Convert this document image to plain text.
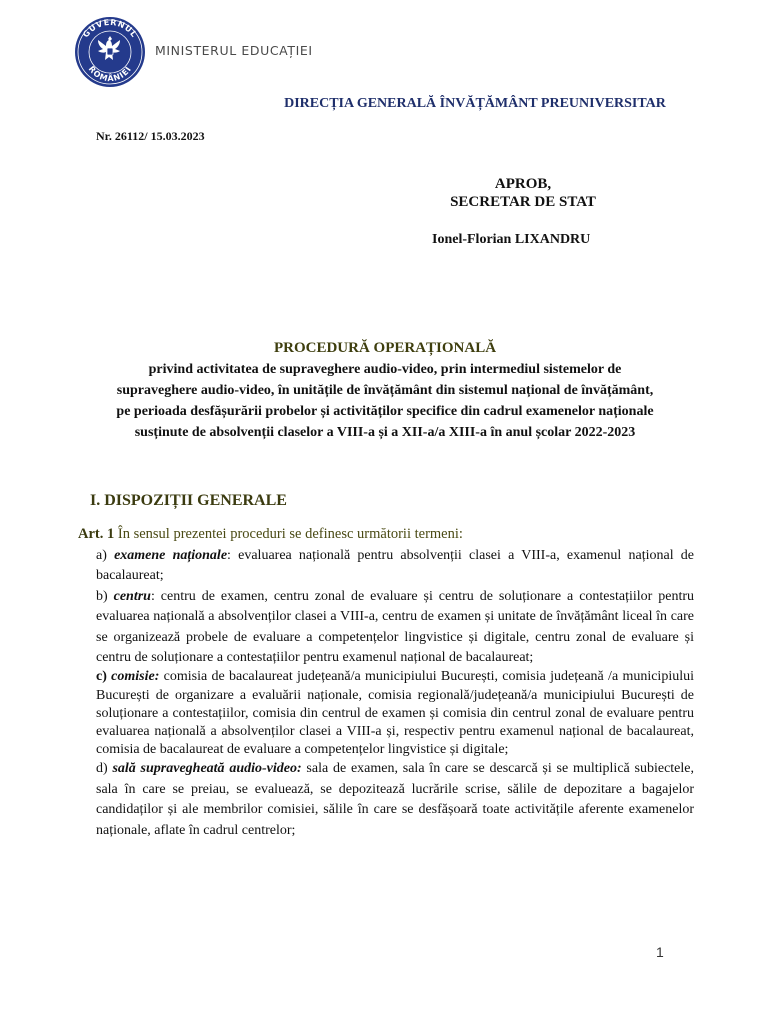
GUVERNUL
ROMÂNIEI
MINISTERUL EDUCAȚIEI
DIRECȚIA GENERALĂ ÎNVĂȚĂMÂNT PREUNIVERSITAR
Nr. 26112/ 15.03.2023
APROB,
SECRETAR DE STAT
Ionel-Florian LIXANDRU
PROCEDURĂ OPERAȚIONALĂ
privind activitatea de supraveghere audio-video, prin intermediul sistemelor de
supraveghere audio-video, în unitățile de învățământ din sistemul național de învățământ,
pe perioada desfășurării probelor și activităților specifice din cadrul examenelor naționale
susținute de absolvenții claselor a VIII-a și a XII-a/a XIII-a în anul școlar 2022-2023
I. DISPOZIȚII GENERALE
Art. 1 În sensul prezentei proceduri se definesc următorii termeni:

a) examene naționale: evaluarea națională pentru absolvenții clasei a VIII-a, examenul național de bacalaureat;

b) centru: centru de examen, centru zonal de evaluare și centru de soluționare a contestațiilor pentru evaluarea națională a absolvenților clasei a VIII-a, centru de examen și unitate de învățământ liceal în care se organizează probele de evaluare a competențelor lingvistice și digitale, centru zonal de evaluare și centru de soluționare a contestațiilor pentru examenul național de bacalaureat;

c) comisie: comisia de bacalaureat județeană/a municipiului București, comisia județeană /a municipiului București de organizare a evaluării naționale, comisia regională/județeană/a municipiului București de soluționare a contestațiilor, comisia din centrul de examen și comisia din centrul zonal de evaluare pentru evaluarea națională a absolvenților clasei a VIII-a și, respectiv pentru examenul național de bacalaureat, comisia de bacalaureat de evaluare a competențelor lingvistice și digitale;

d) sală supravegheată audio-video: sala de examen, sala în care se descarcă și se multiplică subiectele, sala în care se preiau, se evaluează, se depozitează lucrările scrise, sălile de depozitare a bagajelor candidaților și ale membrilor comisiei, sălile în care se desfășoară toate activitățile aferente examenelor naționale, aflate în cadrul centrelor;

1
